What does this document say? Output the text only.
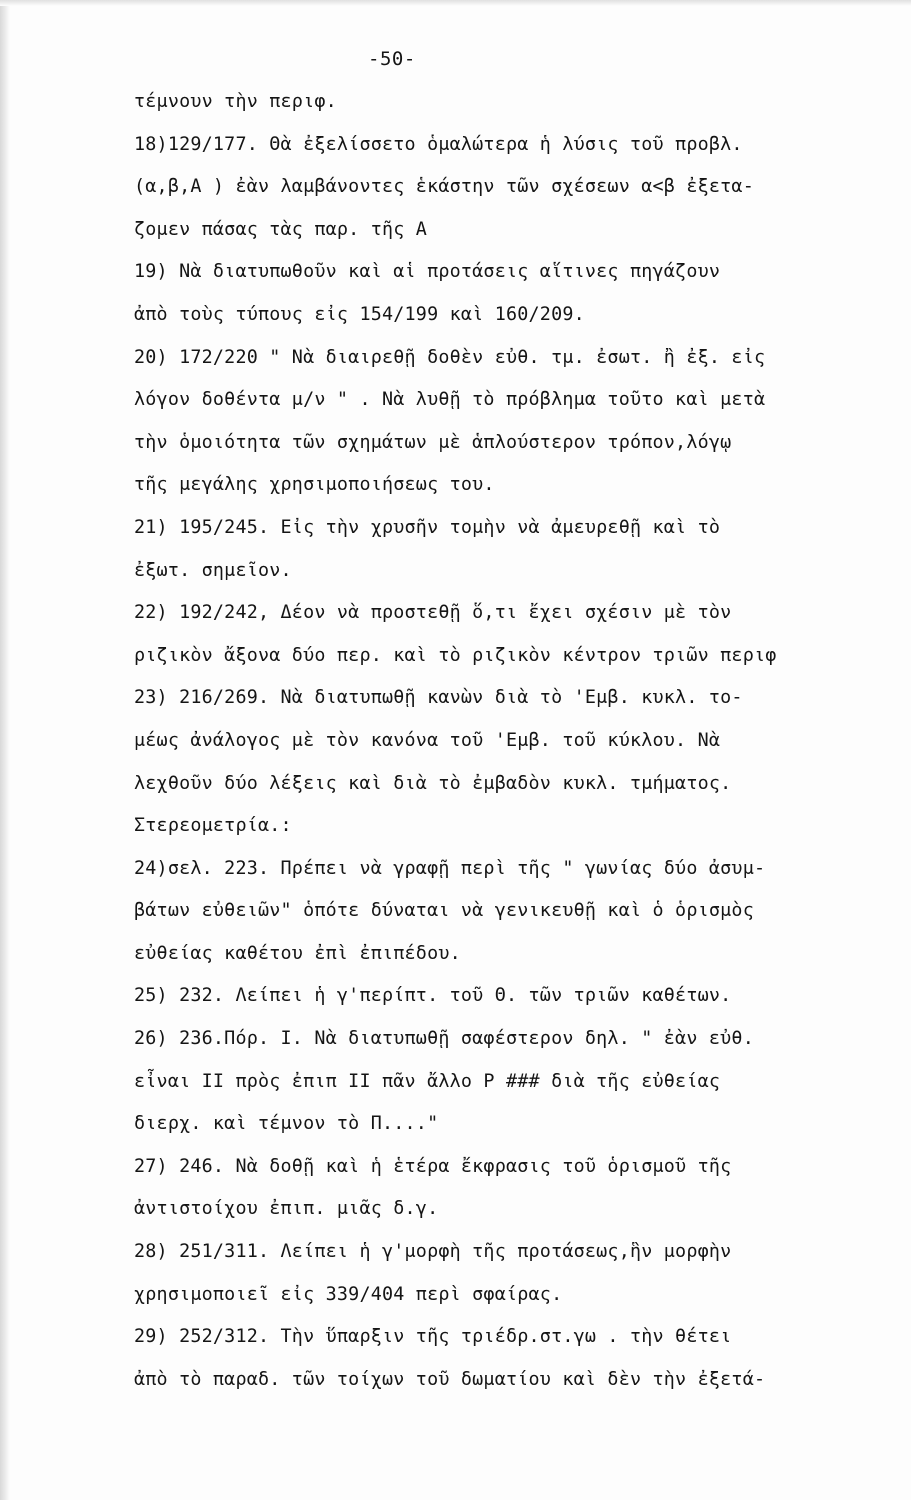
-50-
τέμνουν τὴν περιφ.
18)129/177. Θὰ ἐξελίσσετο ὁμαλώτερα ἡ λύσις τοῦ προβλ.
(α,β,Α ) ἐὰν λαμβάνοντες ἑκάστην τῶν σχέσεων α<β ἐξετα-
ζομεν πάσας τὰς παρ. τῆς Α
19) Νὰ διατυπωθοῦν καὶ αἱ προτάσεις αἵτινες πηγάζουν
ἀπὸ τοὺς τύπους εἰς 154/199 καὶ 160/209.
20) 172/220 " Νὰ διαιρεθῇ δοθὲν εὐθ. τμ. ἐσωτ. ἢ ἐξ. εἰς
λόγον δοθέντα μ/ν " . Νὰ λυθῇ τὸ πρόβλημα τοῦτο καὶ μετὰ
τὴν ὁμοιότητα τῶν σχημάτων μὲ ἁπλούστερον τρόπον,λόγῳ
τῆς μεγάλης χρησιμοποιήσεως του.
21) 195/245. Εἰς τὴν χρυσῆν τομὴν νὰ ἀμευρεθῇ καὶ τὸ
ἐξωτ. σημεῖον.
22) 192/242, Δέον νὰ προστεθῇ ὅ,τι ἔχει σχέσιν μὲ τὸν
ριζικὸν ἄξονα δύο περ. καὶ τὸ ριζικὸν κέντρον τριῶν περιφ
23) 216/269. Νὰ διατυπωθῇ κανὼν διὰ τὸ 'Εμβ. κυκλ. το-
μέως ἀνάλογος μὲ τὸν κανόνα τοῦ 'Εμβ. τοῦ κύκλου. Νὰ
λεχθοῦν δύο λέξεις καὶ διὰ τὸ ἐμβαδὸν κυκλ. τμήματος.
Στερεομετρία.:
24)σελ. 223. Πρέπει νὰ γραφῇ περὶ τῆς " γωνίας δύο ἀσυμ-
βάτων εὐθειῶν" ὁπότε δύναται νὰ γενικευθῇ καὶ ὁ ὁρισμὸς
εὐθείας καθέτου ἐπὶ ἐπιπέδου.
25) 232. Λείπει ἡ γ'περίπτ. τοῦ Θ. τῶν τριῶν καθέτων.
26) 236.Πόρ. Ι. Νὰ διατυπωθῇ σαφέστερον δηλ. " ἐὰν εὐθ.
εἶναι ΙΙ πρὸς ἐπιπ ΙΙ πᾶν ἄλλο Ρ ### διὰ τῆς εὐθείας
διερχ. καὶ τέμνον τὸ Π...."
27) 246. Νὰ δοθῇ καὶ ἡ ἑτέρα ἔκφρασις τοῦ ὁρισμοῦ τῆς
ἀντιστοίχου ἐπιπ. μιᾶς δ.γ.
28) 251/311. Λείπει ἡ γ'μορφὴ τῆς προτάσεως,ἣν μορφὴν
χρησιμοποιεῖ εἰς 339/404 περὶ σφαίρας.
29) 252/312. Τὴν ὕπαρξιν τῆς τριέδρ.στ.γω . τὴν θέτει
ἀπὸ τὸ παραδ. τῶν τοίχων τοῦ δωματίου καὶ δὲν τὴν ἐξετά-
